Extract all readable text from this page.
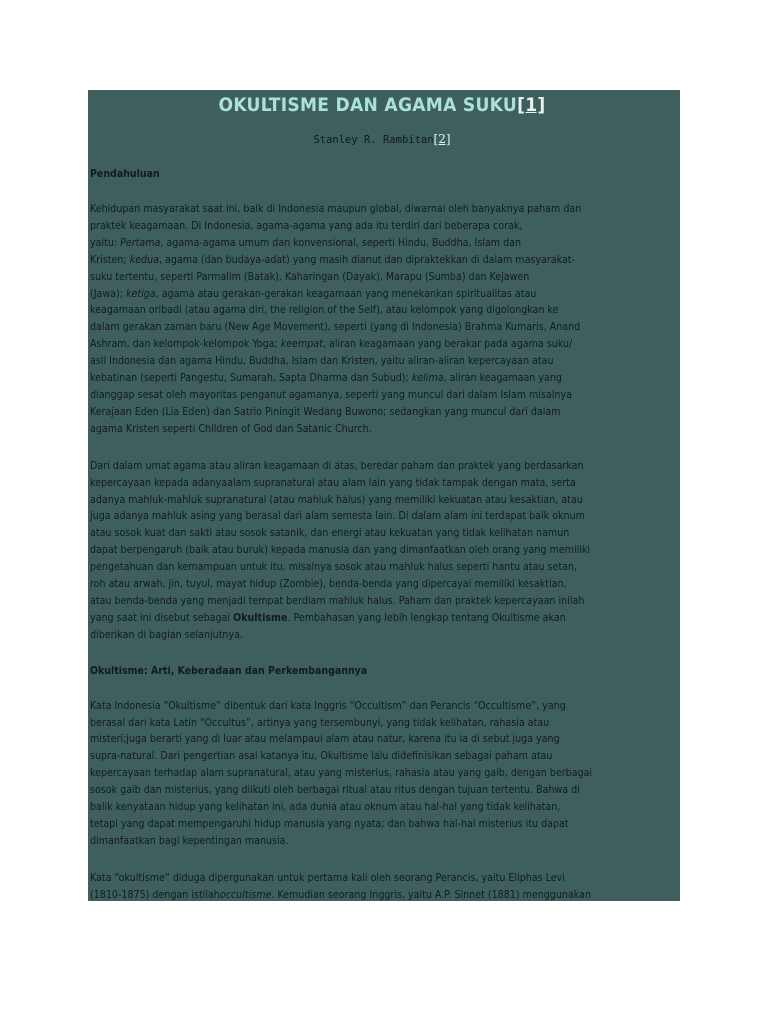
OKULTISME DAN AGAMA SUKU[1]
Stanley R. Rambitan[2]
Pendahuluan

Kehidupan masyarakat saat ini, baik di Indonesia maupun global, diwarnai oleh banyaknya paham dan
praktek keagamaan. Di Indonesia, agama-agama yang ada itu terdiri dari beberapa corak,
yaitu: Pertama, agama-agama umum dan konvensional, seperti Hindu, Buddha, Islam dan
Kristen; kedua, agama (dan budaya-adat) yang masih dianut dan dipraktekkan di dalam masyarakat-
suku tertentu, seperti Parmalim (Batak), Kaharingan (Dayak), Marapu (Sumba) dan Kejawen
(Jawa); ketiga, agama atau gerakan-gerakan keagamaan yang menekankan spiritualitas atau
keagamaan oribadi (atau agama diri, the religion of the Self), atau kelompok yang digolongkan ke
dalam gerakan zaman baru (New Age Movement), seperti (yang di Indonesia) Brahma Kumaris, Anand
Ashram, dan kelompok-kelompok Yoga; keempat, aliran keagamaan yang berakar pada agama suku/
asli Indonesia dan agama Hindu, Buddha, Islam dan Kristen, yaitu aliran-aliran kepercayaan atau
kebatinan (seperti Pangestu, Sumarah, Sapta Dharma dan Subud); kelima, aliran keagamaan yang
dianggap sesat oleh mayoritas penganut agamanya, seperti yang muncul dari dalam Islam misalnya
Kerajaan Eden (Lia Eden) dan Satrio Piningit Wedang Buwono; sedangkan yang muncul dari dalam
agama Kristen seperti Children of God dan Satanic Church.

Dari dalam umat agama atau aliran keagamaan di atas, beredar paham dan praktek yang berdasarkan
kepercayaan kepada adanyaalam supranatural atau alam lain yang tidak tampak dengan mata, serta
adanya mahluk-mahluk supranatural (atau mahluk halus) yang memiliki kekuatan atau kesaktian, atau
juga adanya mahluk asing yang berasal dari alam semesta lain. Di dalam alam ini terdapat baik oknum
atau sosok kuat dan sakti atau sosok satanik, dan energi atau kekuatan yang tidak kelihatan namun
dapat berpengaruh (baik atau buruk) kepada manusia dan yang dimanfaatkan oleh orang yang memiliki
pengetahuan dan kemampuan untuk itu, misalnya sosok atau mahluk halus seperti hantu atau setan,
roh atau arwah, jin, tuyul, mayat hidup (Zombie), benda-benda yang dipercayai memiliki kesaktian,
atau benda-benda yang menjadi tempat berdiam mahluk halus. Paham dan praktek kepercayaan inilah
yang saat ini disebut sebagai Okultisme. Pembahasan yang lebih lengkap tentang Okultisme akan
diberikan di bagian selanjutnya.

Okultisme: Arti, Keberadaan dan Perkembangannya

Kata Indonesia “Okultisme” dibentuk dari kata Inggris “Occultism” dan Perancis “Occultisme”, yang
berasal dari kata Latin “Occultus”, artinya yang tersembunyi, yang tidak kelihatan, rahasia atau
misteri;juga berarti yang di luar atau melampaui alam atau natur, karena itu ia di sebut juga yang
supra-natural. Dari pengertian asal katanya itu, Okultisme lalu didefinisikan sebagai paham atau
kepercayaan terhadap alam supranatural, atau yang misterius, rahasia atau yang gaib, dengan berbagai
sosok gaib dan misterius, yang diikuti oleh berbagai ritual atau ritus dengan tujuan tertentu. Bahwa di
balik kenyataan hidup yang kelihatan ini, ada dunia atau oknum atau hal-hal yang tidak kelihatan,
tetapi yang dapat mempengaruhi hidup manusia yang nyata; dan bahwa hal-hal misterius itu dapat
dimanfaatkan bagi kepentingan manusia.

Kata “okultisme” diduga dipergunakan untuk pertama kali oleh seorang Perancis, yaitu Eliphas Levi
(1810-1875) dengan istilahoccultisme. Kemudian seorang Inggris, yaitu A.P. Sinnet (1881) menggunakan
